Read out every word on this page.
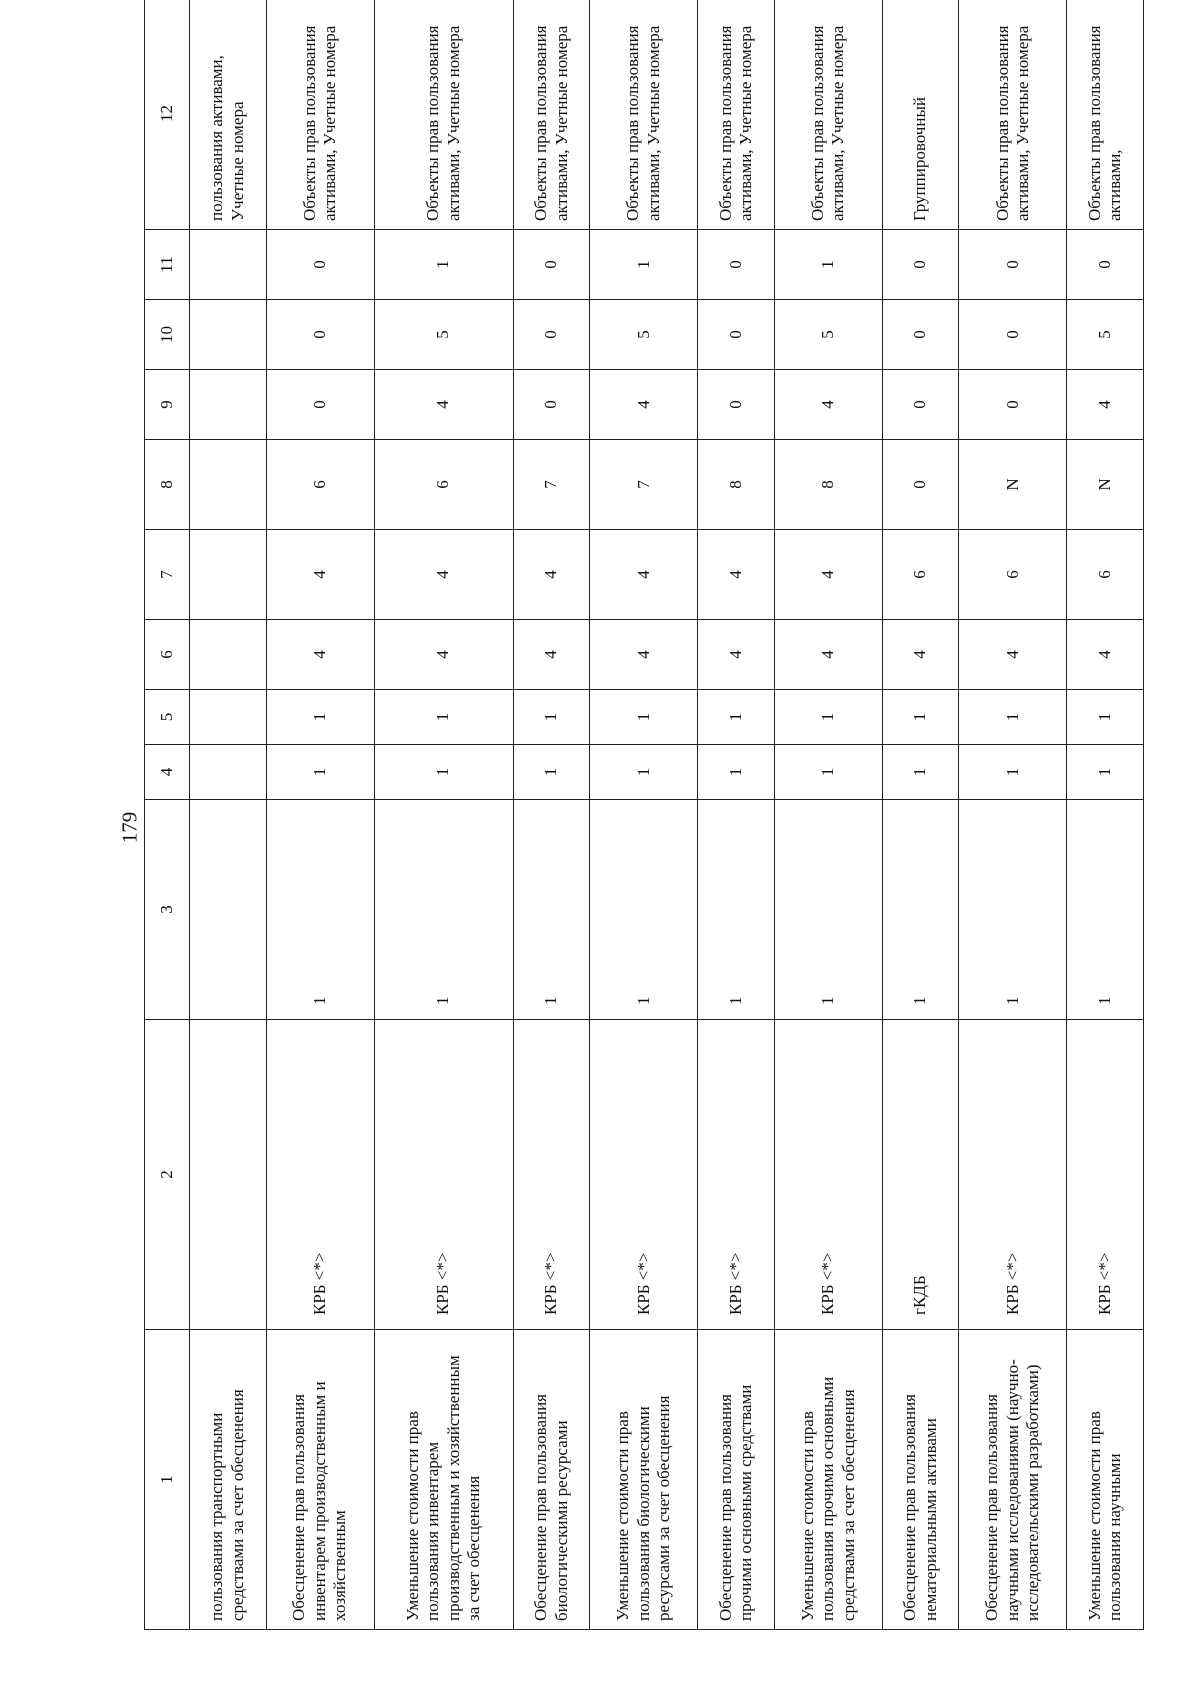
179
1	2	3	4	5	6	7	8	9	10	11	12
пользования транспортными средствами за счет обесценения											пользования активами, Учетные номера
Обесценение прав пользования инвентарем производственным и хозяйственным	КРБ <*>	1	1	1	4	4	6	0	0	0	Объекты прав пользования активами, Учетные номера
Уменьшение стоимости прав пользования инвентарем производственным и хозяйственным за счет обесценения	КРБ <*>	1	1	1	4	4	6	4	5	1	Объекты прав пользования активами, Учетные номера
Обесценение прав пользования биологическими ресурсами	КРБ <*>	1	1	1	4	4	7	0	0	0	Объекты прав пользования активами, Учетные номера
Уменьшение стоимости прав пользования биологическими ресурсами за счет обесценения	КРБ <*>	1	1	1	4	4	7	4	5	1	Объекты прав пользования активами, Учетные номера
Обесценение прав пользования прочими основными средствами	КРБ <*>	1	1	1	4	4	8	0	0	0	Объекты прав пользования активами, Учетные номера
Уменьшение стоимости прав пользования прочими основными средствами за счет обесценения	КРБ <*>	1	1	1	4	4	8	4	5	1	Объекты прав пользования активами, Учетные номера
Обесценение прав пользования нематериальными активами	гКДБ	1	1	1	4	6	0	0	0	0	Группировочный
Обесценение прав пользования научными исследованиями (научно-исследовательскими разработками)	КРБ <*>	1	1	1	4	6	N	0	0	0	Объекты прав пользования активами, Учетные номера
Уменьшение стоимости прав пользования научными	КРБ <*>	1	1	1	4	6	N	4	5	0	Объекты прав пользования активами,
